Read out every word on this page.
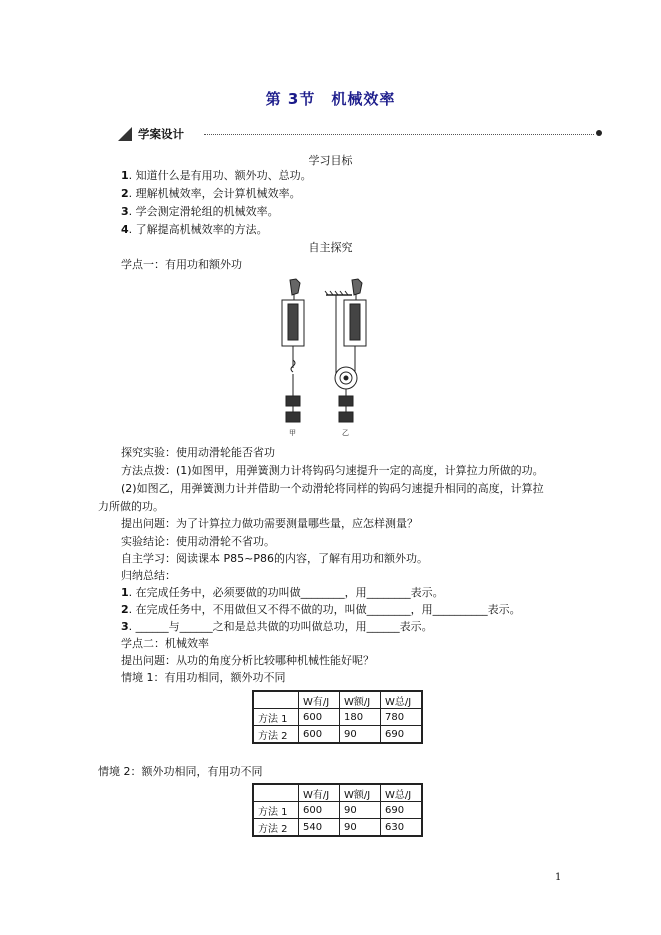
第 3节　机械效率
学案设计
学习目标
1. 知道什么是有用功、额外功、总功。
2. 理解机械效率，会计算机械效率。
3. 学会测定滑轮组的机械效率。
4. 了解提高机械效率的方法。
自主探究
学点一：有用功和额外功
甲	乙
探究实验：使用动滑轮能否省功
方法点拨：(1)如图甲，用弹簧测力计将钩码匀速提升一定的高度，计算拉力所做的功。
(2)如图乙，用弹簧测力计并借助一个动滑轮将同样的钩码匀速提升相同的高度，计算拉
力所做的功。
提出问题：为了计算拉力做功需要测量哪些量，应怎样测量？
实验结论：使用动滑轮不省功。
自主学习：阅读课本 P85~P86的内容，了解有用功和额外功。
归纳总结：
1. 在完成任务中，必须要做的功叫做________，用________表示。
2. 在完成任务中，不用做但又不得不做的功，叫做________，用__________表示。
3. ______与______之和是总共做的功叫做总功，用______表示。
学点二：机械效率
提出问题：从功的角度分析比较哪种机械性能好呢？
情境 1：有用功相同，额外功不同
	W有/J	W额/J	W总/J
方法 1	600	180	780
方法 2	600	90	690
情境 2：额外功相同，有用功不同
	W有/J	W额/J	W总/J
方法 1	600	90	690
方法 2	540	90	630
1
